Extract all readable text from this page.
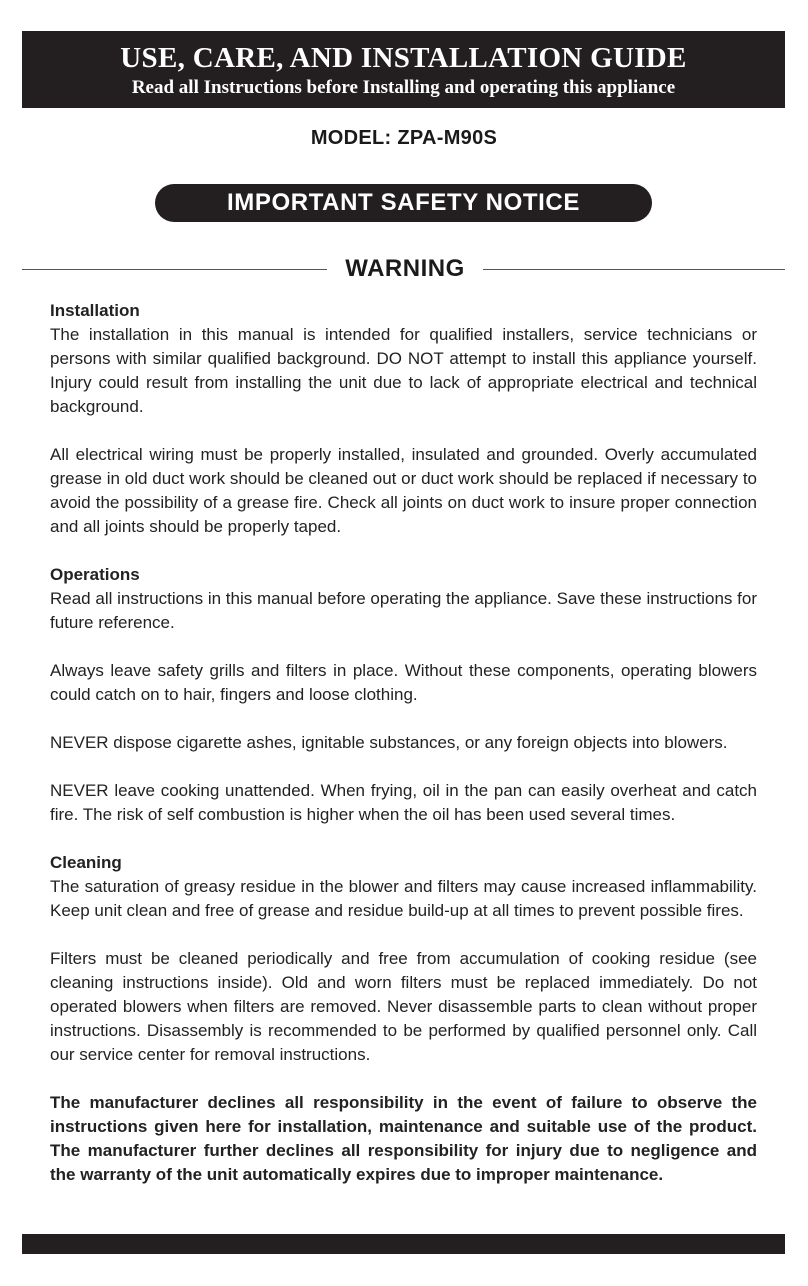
USE, CARE, AND INSTALLATION GUIDE
Read all Instructions before Installing and operating this appliance
MODEL: ZPA-M90S
IMPORTANT SAFETY NOTICE
WARNING
Installation

The installation in this manual is intended for qualified installers, service technicians or persons with similar qualified background. DO NOT attempt to install this appliance yourself. Injury could result from installing the unit due to lack of appropriate electrical and technical background.

All electrical wiring must be properly installed, insulated and grounded. Overly accumulated grease in old duct work should be cleaned out or duct work should be replaced if necessary to avoid the possibility of a grease fire. Check all joints on duct work to insure proper connection and all joints should be properly taped.

Operations

Read all instructions in this manual before operating the appliance. Save these instructions for future reference.

Always leave safety grills and filters in place. Without these components, operating blowers could catch on to hair, fingers and loose clothing.

NEVER dispose cigarette ashes, ignitable substances, or any foreign objects into blowers.

NEVER leave cooking unattended. When frying, oil in the pan can easily overheat and catch fire. The risk of self combustion is higher when the oil has been used several times.

Cleaning

The saturation of greasy residue in the blower and filters may cause increased inflammability. Keep unit clean and free of grease and residue build-up at all times to prevent possible fires.

Filters must be cleaned periodically and free from accumulation of cooking residue (see cleaning instructions inside). Old and worn filters must be replaced immediately. Do not operated blowers when filters are removed. Never disassemble parts to clean without proper instructions. Disassembly is recommended to be performed by qualified personnel only. Call our service center for removal instructions.

The manufacturer declines all responsibility in the event of failure to observe the instructions given here for installation, maintenance and suitable use of the product. The manufacturer further declines all responsibility for injury due to negligence and the warranty of the unit automatically expires due to improper maintenance.
